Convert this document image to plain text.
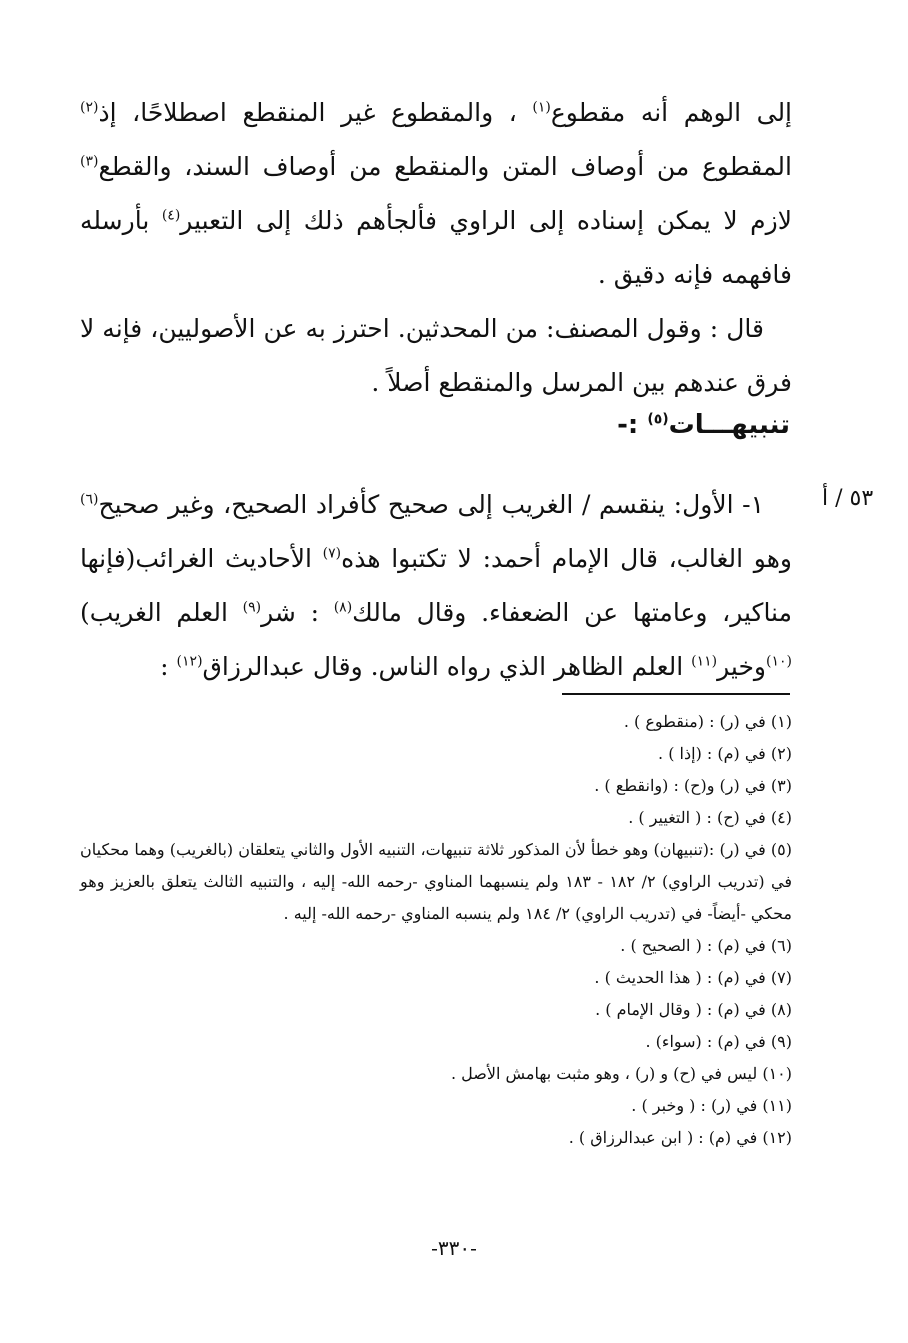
إلى الوهم أنه مقطوع$^{(١)}$ ، والمقطوع غير المنقطع اصطلاحًا، إذ$^{(٢)}$ المقطوع من أوصاف المتن والمنقطع من أوصاف السند، والقطع$^{(٣)}$ لازم لا يمكن إسناده إلى الراوي فألجأهم ذلك إلى التعبير$^{(٤)}$ بأرسله فافهمه فإنه دقيق .

قال : وقول المصنف: من المحدثين. احترز به عن الأصوليين، فإنه لا فرق عندهم بين المرسل والمنقطع أصلاً .

تنبيهـــات$^{(٥)}$ :-
٥٣ / أ

١- الأول: ينقسم / الغريب إلى صحيح كأفراد الصحيح، وغير صحيح$^{(٦)}$ وهو الغالب، قال الإمام أحمد: لا تكتبوا هذه$^{(٧)}$ الأحاديث الغرائب(فإنها مناكير، وعامتها عن الضعفاء. وقال مالك$^{(٨)}$ : شر$^{(٩)}$ العلم الغريب)$^{(١٠)}$وخير$^{(١١)}$ العلم الظاهر الذي رواه الناس. وقال عبدالرزاق$^{(١٢)}$ :

(١) في (ر) : (منقطوع ) .

(٢) في (م) : (إذا ) .

(٣) في (ر) و(ح) : (وانقطع ) .

(٤) في (ح) : ( التغيير ) .

(٥) في (ر) :(تنبيهان) وهو خطأ لأن المذكور ثلاثة تنبيهات، التنبيه الأول والثاني يتعلقان (بالغريب) وهما محكيان في (تدريب الراوي) ٢/ ١٨٢ - ١٨٣ ولم ينسبهما المناوي -رحمه الله- إليه ، والتنبيه الثالث يتعلق بالعزيز وهو محكي -أيضاً- في (تدريب الراوي) ٢/ ١٨٤ ولم ينسبه المناوي -رحمه الله- إليه .

(٦) في (م) : ( الصحيح ) .

(٧) في (م) : ( هذا الحديث ) .

(٨) في (م) : ( وقال الإمام ) .

(٩) في (م) : (سواء) .

(١٠) ليس في (ح) و (ر) ، وهو مثبت بهامش الأصل .

(١١) في (ر) : ( وخبر ) .

(١٢) في (م) : ( ابن عبدالرزاق ) .

-٣٣٠-
